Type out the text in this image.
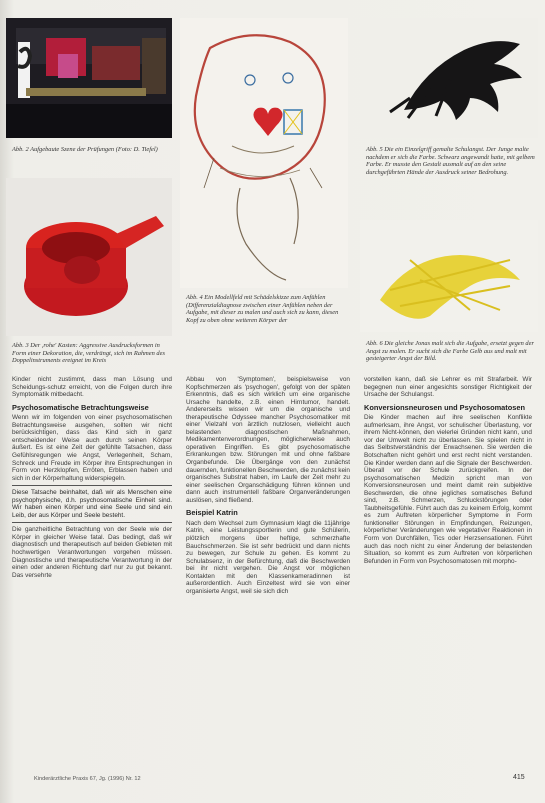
Abb. 2 Aufgebaute Szene der Prüfungen (Foto: D. Tiefel)
Abb. 3 Der ,rohe' Kasten: Aggressive Ausdrucksformen in Form einer Dekoration, die, verdrängt, sich im Rahmen des Doppelinstruments ereignet im Kreis
Abb. 4 Ein Modellfeld mit Schädelskizze zum Anfühlen (Differenzialdiagnose zwischen einer Anfühlen neben der Aufgabe, mit dieser zu malen und auch sich zu kann, diesen Kopf zu oben ohne weiteren Körper der
Abb. 5 Die ein Einzelgriff gemalte Schulangst. Der Junge malte nachdem er sich die Farbe. Schwarz angewandt hatte, mit gelbem Farbe. Er musste den Gestalt ausmalt auf an den seine durchgeführten Hände der Ausdruck seiner Bedrohung.
Abb. 6 Die gleiche Jonas malt sich die Aufgabe, ersetzt gegen der Angst zu malen. Er sucht sich die Farbe Gelb aus und malt mit gesteigerter Angst der Bild.

Kinder nicht zustimmt, dass man Lösung und Scheidungs-schutz erreicht, von die Folgen durch ihre Symptomatik mitbedacht.

Psychosomatische Betrachtungsweise

Wenn wir im folgenden von einer psychosomatischen Betrachtungsweise ausgehen, sollten wir nicht berücksichtigen, dass das Kind sich in ganz entscheidender Weise auch durch seinen Körper äußert. Es ist eine Zeit der gefühlte Tatsachen, dass Gefühlsregungen wie Angst, Verlegenheit, Scham, Schreck und Freude im Körper ihre Entsprechungen in Form von Herzklopfen, Erröten, Erblassen haben und sich in der Körperhaltung widerspiegeln.

Diese Tatsache beinhaltet, daß wir als Menschen eine psychophysische, d.h. psychosomatische Einheit sind. Wir haben einen Körper und eine Seele und sind ein Leib, der aus Körper und Seele besteht.

Die ganzheitliche Betrachtung von der Seele wie der Körper in gleicher Weise fatal. Das bedingt, daß wir diagnostisch und therapeutisch auf beiden Gebieten mit hochwertigen Verantwortungen vorgehen müssen. Diagnostische und therapeutische Verantwortung in der einen oder anderen Richtung darf nur zu gut bekannt. Das versehrte

Abbau von 'Symptomen', beispielsweise von Kopfschmerzen als 'psychogen', gefolgt von der späten Erkenntnis, daß es sich wirklich um eine organische Ursache handelte, z.B. einen Hirntumor, handelt. Andererseits wissen wir um die organische und therapeutische Odyssee mancher Psychosomatiker mit einer Vielzahl von ärztlich nutzlosen, vielleicht auch belastenden diagnostischen Maßnahmen, Medikamentenverordnungen, möglicherweise auch operativen Eingriffen. Es gibt psychosomatische Erkrankungen bzw. Störungen mit und ohne faßbare Organbefunde. Die Übergänge von den zunächst dauernden, funktionellen Beschwerden, die zunächst kein organisches Substrat haben, im Laufe der Zeit mehr zu einer seelischen Organschädigung führen können und dann auch instrumentell faßbare Organveränderungen auslösen, sind fließend.

Beispiel Katrin

Nach dem Wechsel zum Gymnasium klagt die 11jährige Katrin, eine Leistungssportlerin und gute Schülerin, plötzlich morgens über heftige, schmerzhafte Bauchschmerzen. Sie ist sehr bedrückt und dann nichts zu bewegen, zur Schule zu gehen. Es kommt zu Schulabsenz, in der Befürchtung, daß die Beschwerden bei ihr nicht vergehen. Die Angst vor möglichen Kontakten mit den Klassenkameradinnen ist außerordentlich. Auch Einzeltest wird sie von einer organisierte Angst, weil sie sich dich

vorstellen kann, daß sie Lehrer es mit Strafarbeit. Wir begegnen nun einer angesichts sonstiger Richtigkeit der Ursache der Schulangst.

Konversionsneurosen und Psychosomatosen

Die Kinder machen auf ihre seelischen Konflikte aufmerksam, ihre Angst, vor schulischer Überlastung, vor ihrem Nicht-können, den vielerlei Gründen nicht kann, und vor der Umwelt nicht zu überlassen. Sie spielen nicht in das Selbstverständnis der Erwachsenen. Sie werden die Botschaften nicht gehört und erst recht nicht verstanden. Die Kinder werden dann auf die Signale der Beschwerden. Überall vor der Schule zurückgreifen. In der psychosomatischen Medizin spricht man von Konversionsneurosen und meint damit rein subjektive Beschwerden, die ohne jegliches somatisches Befund sind, z.B. Schmerzen, Schluckstörungen oder Taubheitsgefühle. Führt auch das zu keinem Erfolg, kommt es zum Auftreten körperlicher Symptome in Form funktioneller Störungen in Empfindungen, Reizungen, körperlicher Veränderungen wie vegetativer Reaktionen in Form von Durchfällen, Tics oder Herzsensationen. Führt auch das noch nicht zu einer Änderung der belastenden Situation, so kommt es zum Auftreten von körperlichen Befunden in Form von Psychosomatosen mit morpho-

Kinderärztliche Praxis 67, Jg. (1996) Nr. 12	415
